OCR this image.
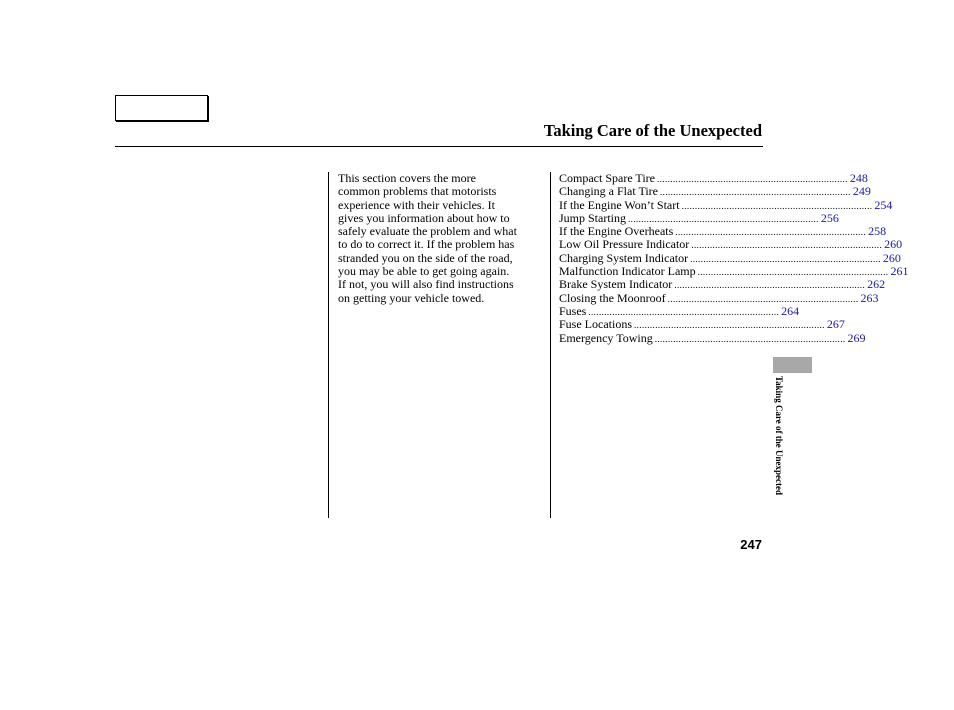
Taking Care of the Unexpected
This section covers the more
common problems that motorists
experience with their vehicles. It
gives you information about how to
safely evaluate the problem and what
to do to correct it. If the problem has
stranded you on the side of the road,
you may be able to get going again.
If not, you will also find instructions
on getting your vehicle towed.
Compact Spare Tire ........................................................................ 248
Changing a Flat Tire ........................................................................ 249
If the Engine Won’t Start ........................................................................ 254
Jump Starting ........................................................................ 256
If the Engine Overheats ........................................................................ 258
Low Oil Pressure Indicator ........................................................................ 260
Charging System Indicator ........................................................................ 260
Malfunction Indicator Lamp ........................................................................ 261
Brake System Indicator ........................................................................ 262
Closing the Moonroof ........................................................................ 263
Fuses ........................................................................ 264
Fuse Locations ........................................................................ 267
Emergency Towing ........................................................................ 269
Taking Care of the Unexpected
247
